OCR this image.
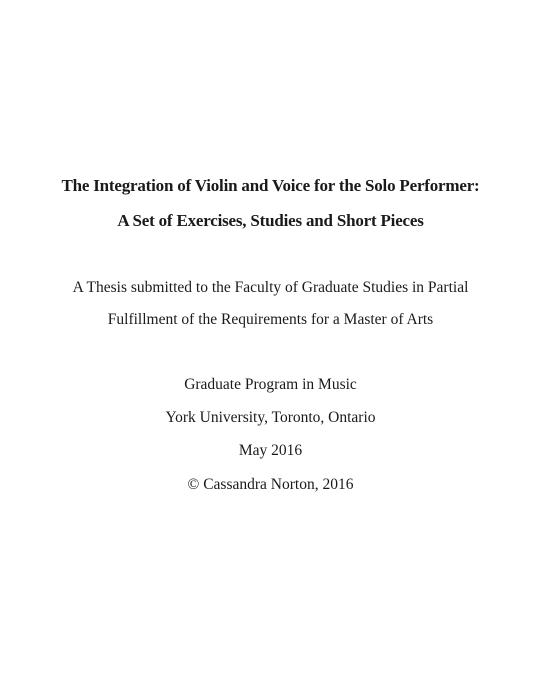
The Integration of Violin and Voice for the Solo Performer:
A Set of Exercises, Studies and Short Pieces
A Thesis submitted to the Faculty of Graduate Studies in Partial
Fulfillment of the Requirements for a Master of Arts
Graduate Program in Music
York University, Toronto, Ontario
May 2016
© Cassandra Norton, 2016
